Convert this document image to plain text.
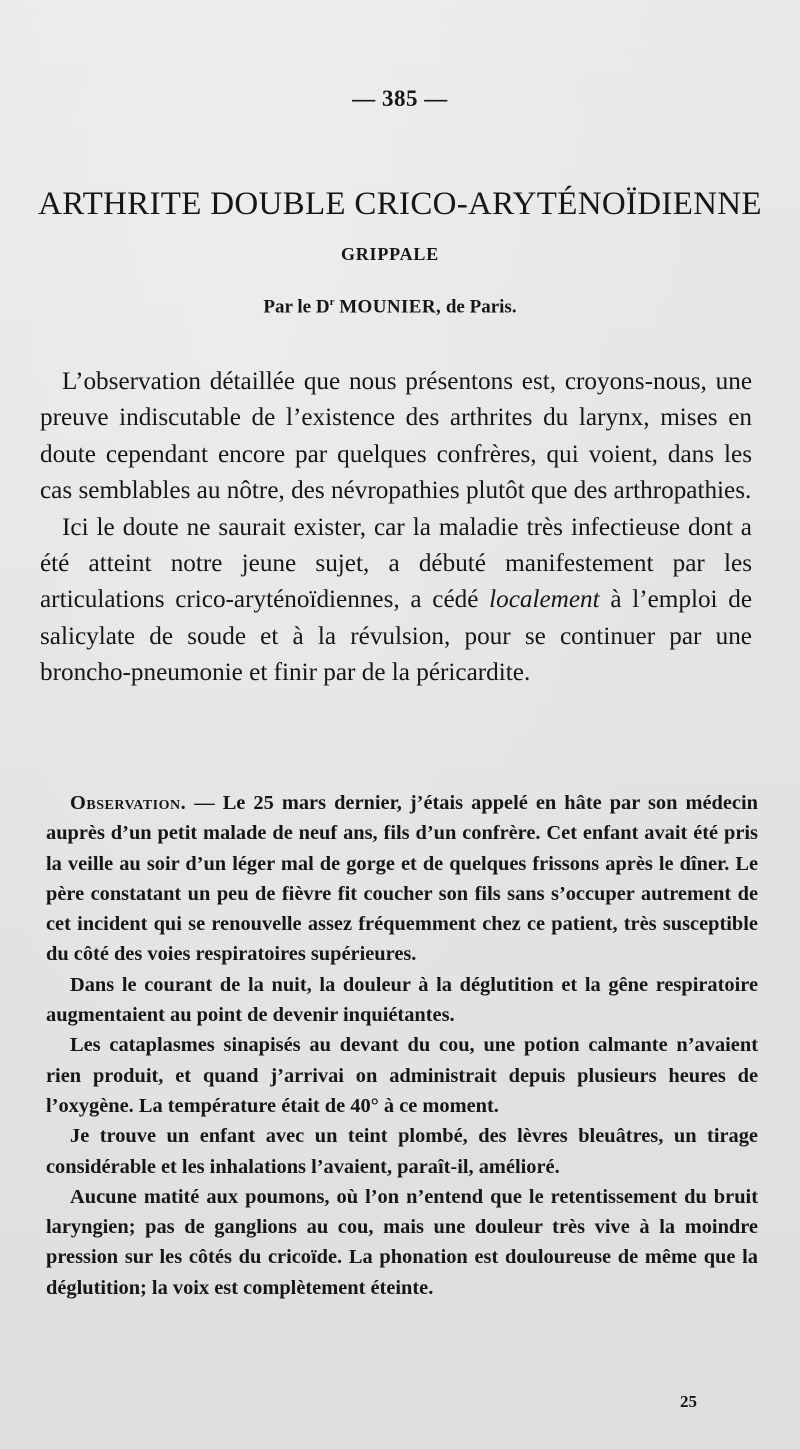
— 385 —
ARTHRITE DOUBLE CRICO-ARYTÉNOÏDIENNE
GRIPPALE
Par le $D^r$ MOUNIER, de Paris.

L’observation détaillée que nous présentons est, croyons-nous, une preuve indiscutable de l’existence des arthrites du larynx, mises en doute cependant encore par quelques confrères, qui voient, dans les cas semblables au nôtre, des névropathies plutôt que des arthropathies.

Ici le doute ne saurait exister, car la maladie très infectieuse dont a été atteint notre jeune sujet, a débuté manifestement par les articulations crico-aryténoïdiennes, a cédé localement à l’emploi de salicylate de soude et à la révulsion, pour se continuer par une broncho-pneumonie et finir par de la péricardite.

Observation. — Le 25 mars dernier, j’étais appelé en hâte par son médecin auprès d’un petit malade de neuf ans, fils d’un confrère. Cet enfant avait été pris la veille au soir d’un léger mal de gorge et de quelques frissons après le dîner. Le père constatant un peu de fièvre fit coucher son fils sans s’occuper autrement de cet incident qui se renouvelle assez fréquemment chez ce patient, très susceptible du côté des voies respiratoires supérieures.

Dans le courant de la nuit, la douleur à la déglutition et la gêne respiratoire augmentaient au point de devenir inquiétantes.

Les cataplasmes sinapisés au devant du cou, une potion calmante n’avaient rien produit, et quand j’arrivai on administrait depuis plusieurs heures de l’oxygène. La température était de 40° à ce moment.

Je trouve un enfant avec un teint plombé, des lèvres bleuâtres, un tirage considérable et les inhalations l’avaient, paraît-il, amélioré.

Aucune matité aux poumons, où l’on n’entend que le retentissement du bruit laryngien; pas de ganglions au cou, mais une douleur très vive à la moindre pression sur les côtés du cricoïde. La phonation est douloureuse de même que la déglutition; la voix est complètement éteinte.

25
